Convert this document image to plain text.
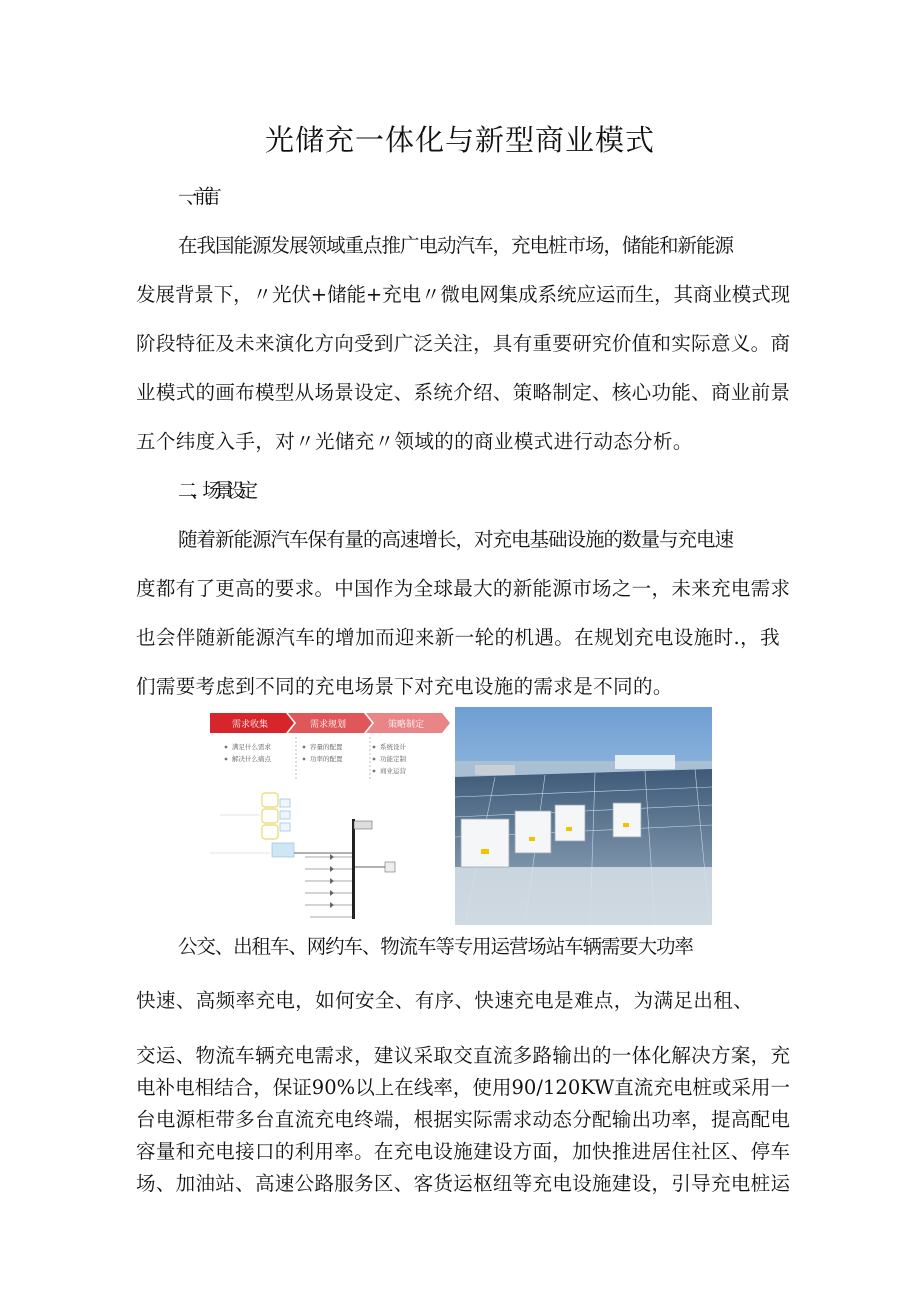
光储充一体化与新型商业模式

一、前言

在我国能源发展领域重点推广电动汽车，充电桩市场，储能和新能源

发展背景下，〃光伏+储能+充电〃微电网集成系统应运而生，其商业模式现

阶段特征及未来演化方向受到广泛关注，具有重要研究价值和实际意义。商

业模式的画布模型从场景设定、系统介绍、策略制定、核心功能、商业前景

五个纬度入手，对〃光储充〃领域的的商业模式进行动态分析。

二、场景设定

随着新能源汽车保有量的高速增长，对充电基础设施的数量与充电速

度都有了更高的要求。中国作为全球最大的新能源市场之一，未来充电需求

也会伴随新能源汽车的增加而迎来新一轮的机遇。在规划充电设施时.，我

们需要考虑到不同的充电场景下对充电设施的需求是不同的。

需求收集	需求规划	策略制定
满足什么需求
解决什么痛点
容量的配置
功率的配置
系统设计
功能定制
商业运营

公交、出租车、网约车、物流车等专用运营场站车辆需要大功率

快速、高频率充电，如何安全、有序、快速充电是难点，为满足出租、

交运、物流车辆充电需求，建议采取交直流多路输出的一体化解决方案，充

电补电相结合，保证90%以上在线率，使用90/120KW直流充电桩或采用一

台电源柜带多台直流充电终端，根据实际需求动态分配输出功率，提高配电

容量和充电接口的利用率。在充电设施建设方面，加快推进居住社区、停车

场、加油站、高速公路服务区、客货运枢纽等充电设施建设，引导充电桩运
